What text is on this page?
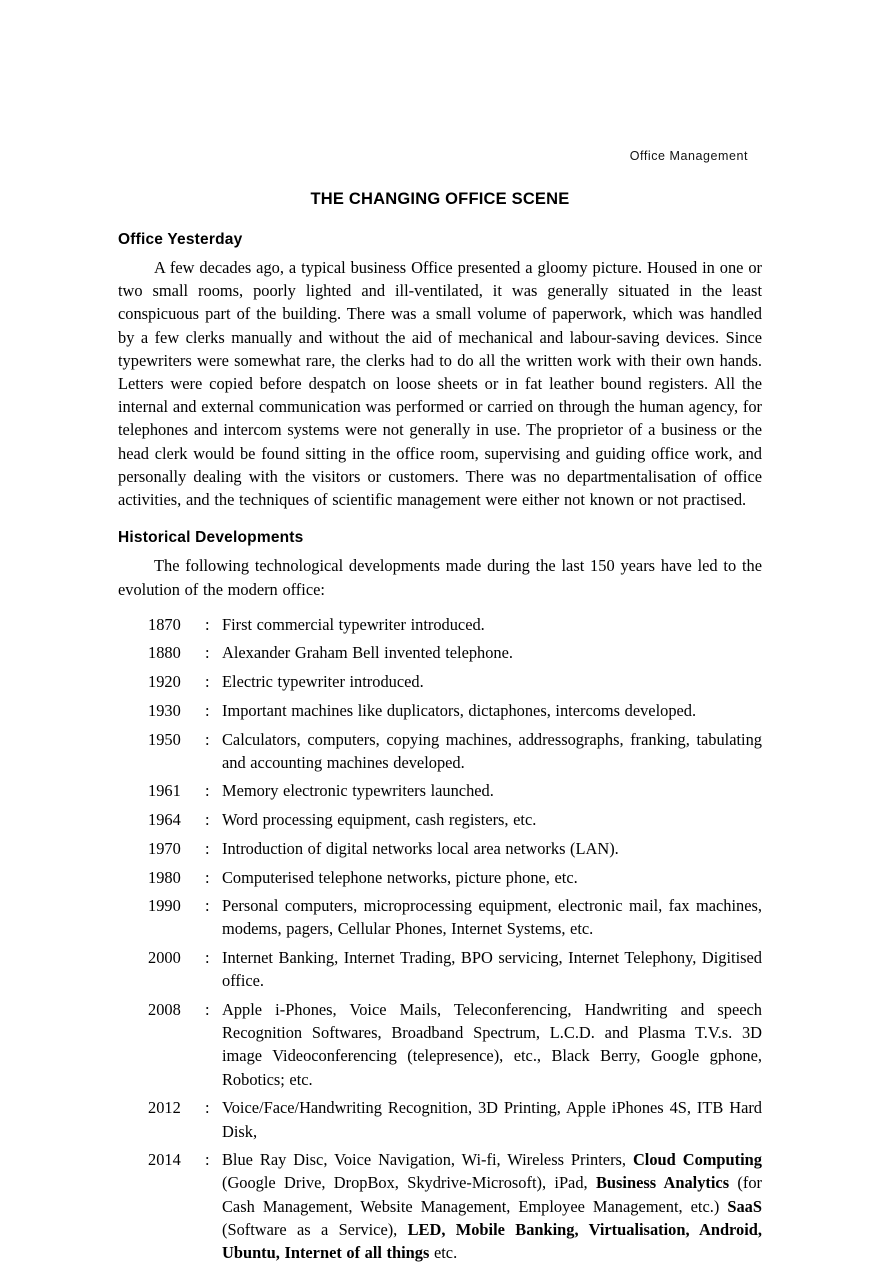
Office Management
THE CHANGING OFFICE SCENE
Office Yesterday

A few decades ago, a typical business Office presented a gloomy picture. Housed in one or two small rooms, poorly lighted and ill-ventilated, it was generally situated in the least conspicuous part of the building. There was a small volume of paperwork, which was handled by a few clerks manually and without the aid of mechanical and labour-saving devices. Since typewriters were somewhat rare, the clerks had to do all the written work with their own hands. Letters were copied before despatch on loose sheets or in fat leather bound registers. All the internal and external communication was performed or carried on through the human agency, for telephones and intercom systems were not generally in use. The proprietor of a business or the head clerk would be found sitting in the office room, supervising and guiding office work, and personally dealing with the visitors or customers. There was no departmentalisation of office activities, and the techniques of scientific management were either not known or not practised.

Historical Developments

The following technological developments made during the last 150 years have led to the evolution of the modern office:

1870	: First commercial typewriter introduced.
1880	: Alexander Graham Bell invented telephone.
1920	: Electric typewriter introduced.
1930	: Important machines like duplicators, dictaphones, intercoms developed.
1950	: Calculators, computers, copying machines, addressographs, franking, tabulating and accounting machines developed.
1961	: Memory electronic typewriters launched.
1964	: Word processing equipment, cash registers, etc.
1970	: Introduction of digital networks local area networks (LAN).
1980	: Computerised telephone networks, picture phone, etc.
1990	: Personal computers, microprocessing equipment, electronic mail, fax machines, modems, pagers, Cellular Phones, Internet Systems, etc.
2000	: Internet Banking, Internet Trading, BPO servicing, Internet Telephony, Digitised office.
2008	: Apple i-Phones, Voice Mails, Teleconferencing, Handwriting and speech Recognition Softwares, Broadband Spectrum, L.C.D. and Plasma T.V.s. 3D image Videoconferencing (telepresence), etc., Black Berry, Google gphone, Robotics; etc.
2012	: Voice/Face/Handwriting Recognition, 3D Printing, Apple iPhones 4S, ITB Hard Disk,
2014	: Blue Ray Disc, Voice Navigation, Wi-fi, Wireless Printers, Cloud Computing (Google Drive, DropBox, Skydrive-Microsoft), iPad, Business Analytics (for Cash Management, Website Management, Employee Management, etc.) SaaS (Software as a Service), LED, Mobile Banking, Virtualisation, Android, Ubuntu, Internet of all things etc.
